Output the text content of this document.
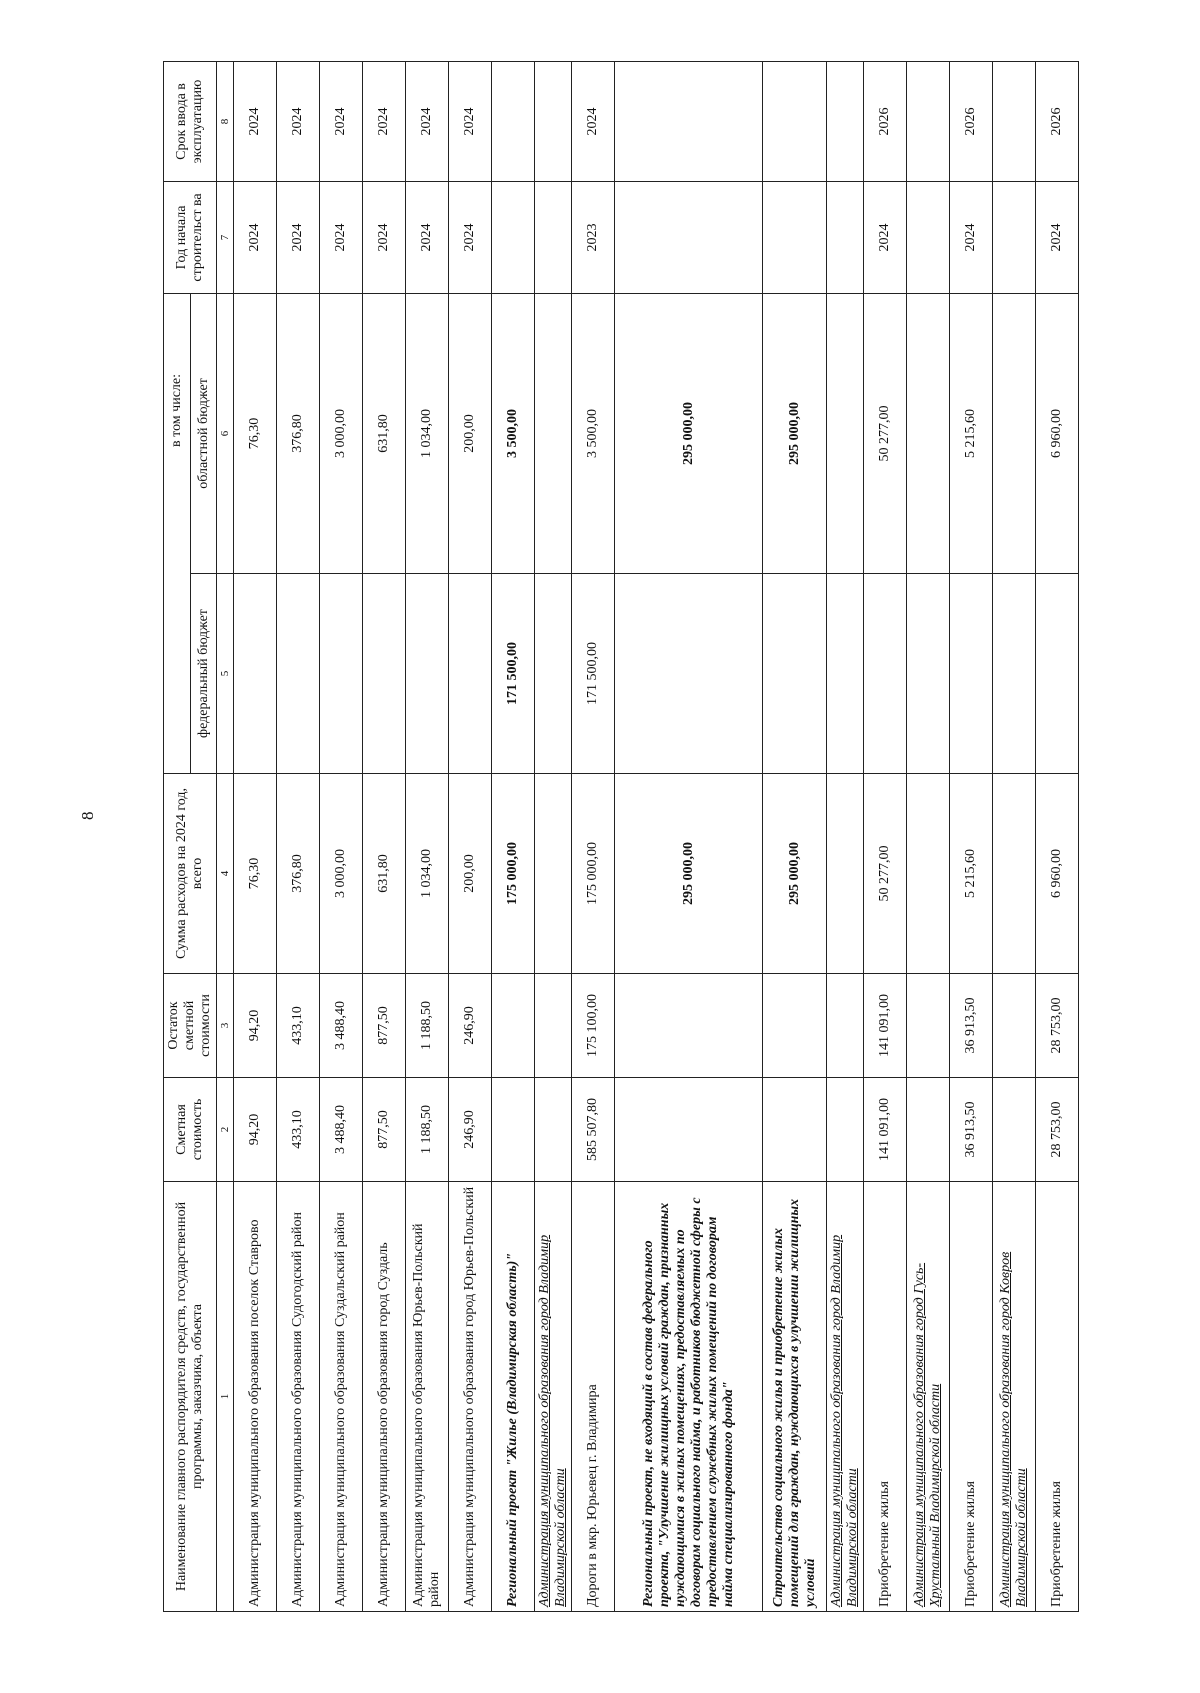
8
Наименование главного распорядителя средств, государственной программы, заказчика, объекта	Сметная стоимость	Остаток сметной стоимости	Сумма расходов на 2024 год, всего	в том числе:		Год начала строительст ва	Срок ввода в эксплуатацию
				федеральный бюджет	областной бюджет		
1	2	3	4	5	6	7	8
Администрация муниципального образования поселок Ставрово	94,20	94,20	76,30		76,30	2024	2024
Администрация муниципального образования Судогодский район	433,10	433,10	376,80		376,80	2024	2024
Администрация муниципального образования Суздальский район	3 488,40	3 488,40	3 000,00		3 000,00	2024	2024
Администрация муниципального образования город Суздаль	877,50	877,50	631,80		631,80	2024	2024
Администрация муниципального образования Юрьев-Польский район	1 188,50	1 188,50	1 034,00		1 034,00	2024	2024
Администрация муниципального образования город Юрьев-Польский	246,90	246,90	200,00		200,00	2024	2024
Региональный проект "Жилье (Владимирская область)"			175 000,00	171 500,00	3 500,00		
Администрация муниципального образования город Владимир Владимирской области							
Дороги в мкр. Юрьевец г. Владимира	585 507,80	175 100,00	175 000,00	171 500,00	3 500,00	2023	2024
Региональный проект, не входящий в состав федерального проекта, "Улучшение жилищных условий граждан, признанных нуждающимися в жилых помещениях, предоставляемых по договорам социального найма, и работников бюджетной сферы с предоставлением служебных жилых помещений по договорам найма специализированного фонда"			295 000,00		295 000,00		
Строительство социального жилья и приобретение жилых помещений для граждан, нуждающихся в улучшении жилищных условий			295 000,00		295 000,00		
Администрация муниципального образования город Владимир Владимирской области							
Приобретение жилья	141 091,00	141 091,00	50 277,00		50 277,00	2024	2026
Администрация муниципального образования город Гусь-Хрустальный Владимирской области							
Приобретение жилья	36 913,50	36 913,50	5 215,60		5 215,60	2024	2026
Администрация муниципального образования город Ковров Владимирской области							
Приобретение жилья	28 753,00	28 753,00	6 960,00		6 960,00	2024	2026
